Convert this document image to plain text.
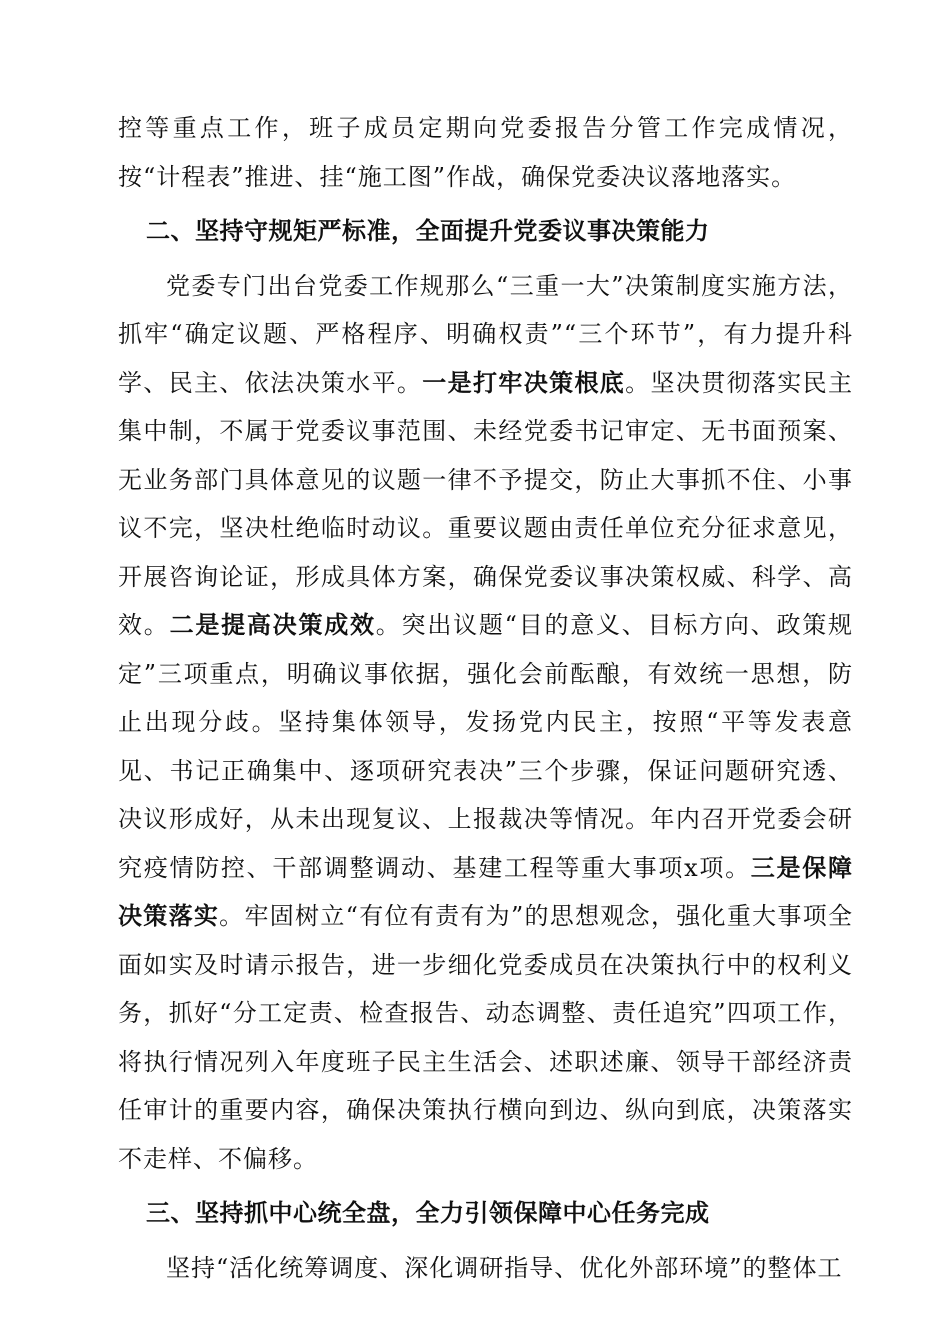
控等重点工作，班子成员定期向党委报告分管工作完成情况，按“计程表”推进、挂“施工图”作战，确保党委决议落地落实。

二、坚持守规矩严标准，全面提升党委议事决策能力

党委专门出台党委工作规那么“三重一大”决策制度实施方法，抓牢“确定议题、严格程序、明确权责”“三个环节”，有力提升科学、民主、依法决策水平。一是打牢决策根底。坚决贯彻落实民主集中制，不属于党委议事范围、未经党委书记审定、无书面预案、无业务部门具体意见的议题一律不予提交，防止大事抓不住、小事议不完，坚决杜绝临时动议。重要议题由责任单位充分征求意见，开展咨询论证，形成具体方案，确保党委议事决策权威、科学、高效。二是提高决策成效。突出议题“目的意义、目标方向、政策规定”三项重点，明确议事依据，强化会前酝酿，有效统一思想，防止出现分歧。坚持集体领导，发扬党内民主，按照“平等发表意见、书记正确集中、逐项研究表决”三个步骤，保证问题研究透、决议形成好，从未出现复议、上报裁决等情况。年内召开党委会研究疫情防控、干部调整调动、基建工程等重大事项x项。三是保障决策落实。牢固树立“有位有责有为”的思想观念，强化重大事项全面如实及时请示报告，进一步细化党委成员在决策执行中的权利义务，抓好“分工定责、检查报告、动态调整、责任追究”四项工作，将执行情况列入年度班子民主生活会、述职述廉、领导干部经济责任审计的重要内容，确保决策执行横向到边、纵向到底，决策落实不走样、不偏移。

三、坚持抓中心统全盘，全力引领保障中心任务完成

坚持“活化统筹调度、深化调研指导、优化外部环境”的整体工
